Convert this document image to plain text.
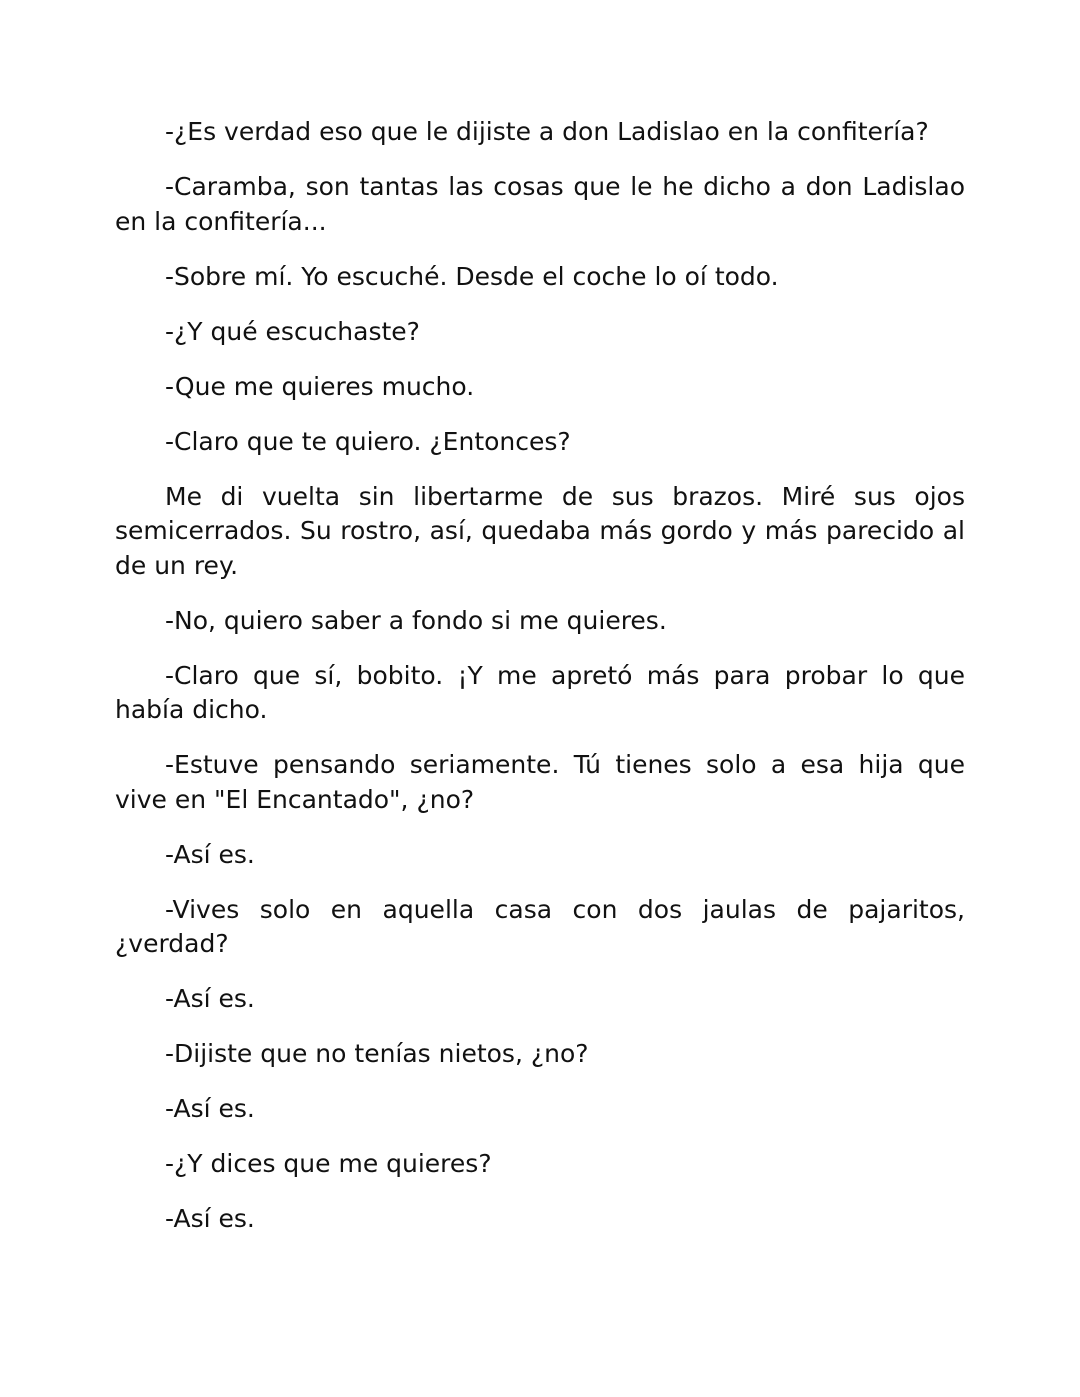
-¿Es verdad eso que le dijiste a don Ladislao en la confitería?

-Caramba, son tantas las cosas que le he dicho a don Ladislao en la confitería...

-Sobre mí. Yo escuché. Desde el coche lo oí todo.

-¿Y qué escuchaste?

-Que me quieres mucho.

-Claro que te quiero. ¿Entonces?

Me di vuelta sin libertarme de sus brazos. Miré sus ojos semicerrados. Su rostro, así, quedaba más gordo y más parecido al de un rey.

-No, quiero saber a fondo si me quieres.

-Claro que sí, bobito. ¡Y me apretó más para probar lo que había dicho.

-Estuve pensando seriamente. Tú tienes solo a esa hija que vive en "El Encantado", ¿no?

-Así es.

-Vives solo en aquella casa con dos jaulas de pajaritos, ¿verdad?

-Así es.

-Dijiste que no tenías nietos, ¿no?

-Así es.

-¿Y dices que me quieres?

-Así es.
